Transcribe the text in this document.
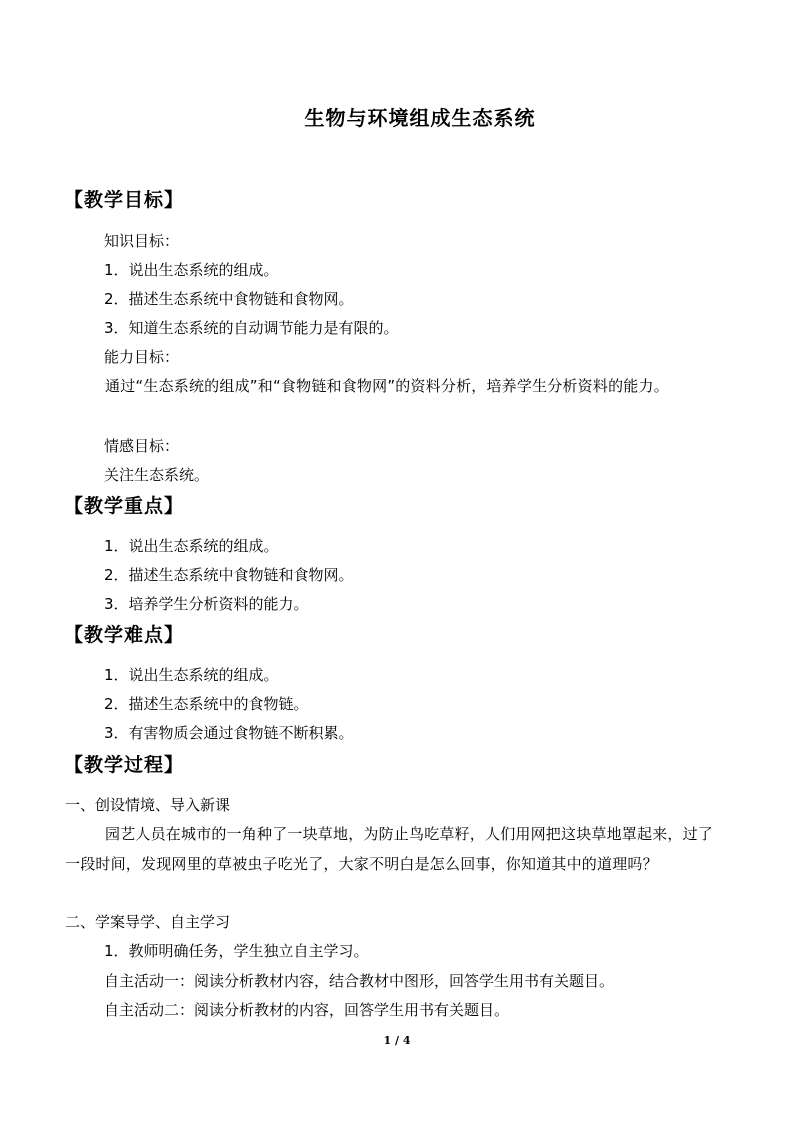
生物与环境组成生态系统
【教学目标】
知识目标：
1．说出生态系统的组成。
2．描述生态系统中食物链和食物网。
3．知道生态系统的自动调节能力是有限的。
能力目标：
通过“生态系统的组成”和“食物链和食物网”的资料分析，培养学生分析资料的能力。
情感目标：
关注生态系统。
【教学重点】
1．说出生态系统的组成。
2．描述生态系统中食物链和食物网。
3．培养学生分析资料的能力。
【教学难点】
1．说出生态系统的组成。
2．描述生态系统中的食物链。
3．有害物质会通过食物链不断积累。
【教学过程】
一、创设情境、导入新课
园艺人员在城市的一角种了一块草地，为防止鸟吃草籽，人们用网把这块草地罩起来，过了一段时间，发现网里的草被虫子吃光了，大家不明白是怎么回事，你知道其中的道理吗？
二、学案导学、自主学习
1．教师明确任务，学生独立自主学习。
自主活动一：阅读分析教材内容，结合教材中图形，回答学生用书有关题目。
自主活动二：阅读分析教材的内容，回答学生用书有关题目。
1 / 4
